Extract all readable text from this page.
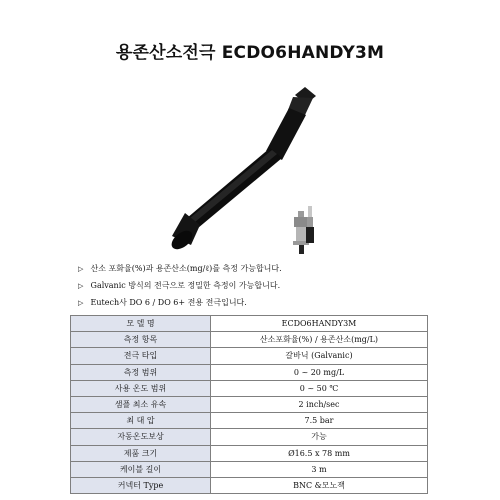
용존산소전극 ECDO6HANDY3M
▷ 산소 포화율(%)과 용존산소(mg/ℓ)를 측정 가능합니다.
▷ Galvanic 방식의 전극으로 정밀한 측정이 가능합니다.
▷ Eutech사 DO 6 / DO 6+ 전용 전극입니다.
모 델 명	ECDO6HANDY3M
측정 항목	산소포화율(%) / 용존산소(mg/L)
전극 타입	갈바닉 (Galvanic)
측정 범위	0 ~ 20 mg/L
사용 온도 범위	0 ~ 50 ℃
샘플 최소 유속	2 inch/sec
최 대 압	7.5 bar
자동온도보상	가능
제품 크기	Ø16.5 x 78 mm
케이블 길이	3 m
커넥터 Type	BNC &모노잭
